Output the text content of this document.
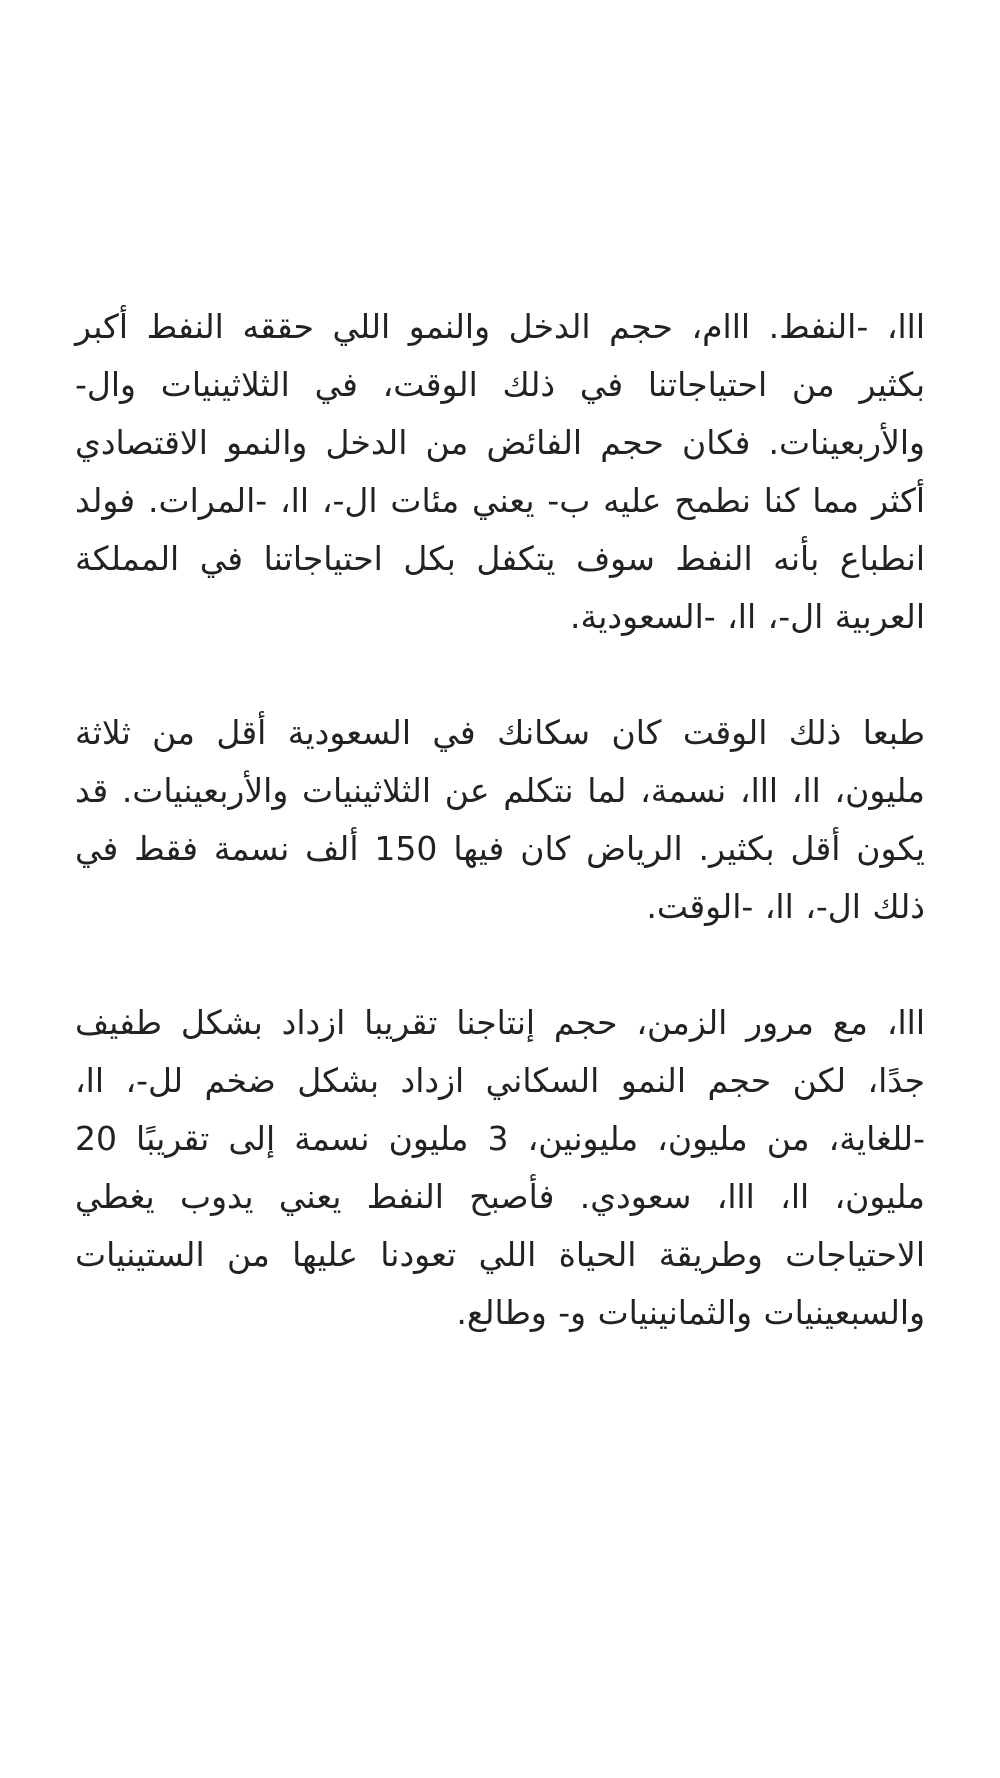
ااا، -النفط. ااام، حجم الدخل والنمو اللي حققه النفط أكبر بكثير من احتياجاتنا في ذلك الوقت، في الثلاثينيات وال- والأربعينات. فكان حجم الفائض من الدخل والنمو الاقتصادي أكثر مما كنا نطمح عليه ب- يعني مئات ال-، اا، -المرات. فولد انطباع بأنه النفط سوف يتكفل بكل احتياجاتنا في المملكة العربية ال-، اا، -السعودية.

طبعا ذلك الوقت كان سكانك في السعودية أقل من ثلاثة مليون، اا، ااا، نسمة، لما نتكلم عن الثلاثينيات والأربعينيات. قد يكون أقل بكثير. الرياض كان فيها 150 ألف نسمة فقط في ذلك ال-، اا، -الوقت.

ااا، مع مرور الزمن، حجم إنتاجنا تقريبا ازداد بشكل طفيف جدًا، لكن حجم النمو السكاني ازداد بشكل ضخم لل-، اا، -للغاية، من مليون، مليونين، 3 مليون نسمة إلى تقريبًا 20 مليون، اا، ااا، سعودي. فأصبح النفط يعني يدوب يغطي الاحتياجات وطريقة الحياة اللي تعودنا عليها من الستينيات والسبعينيات والثمانينيات و- وطالع.
